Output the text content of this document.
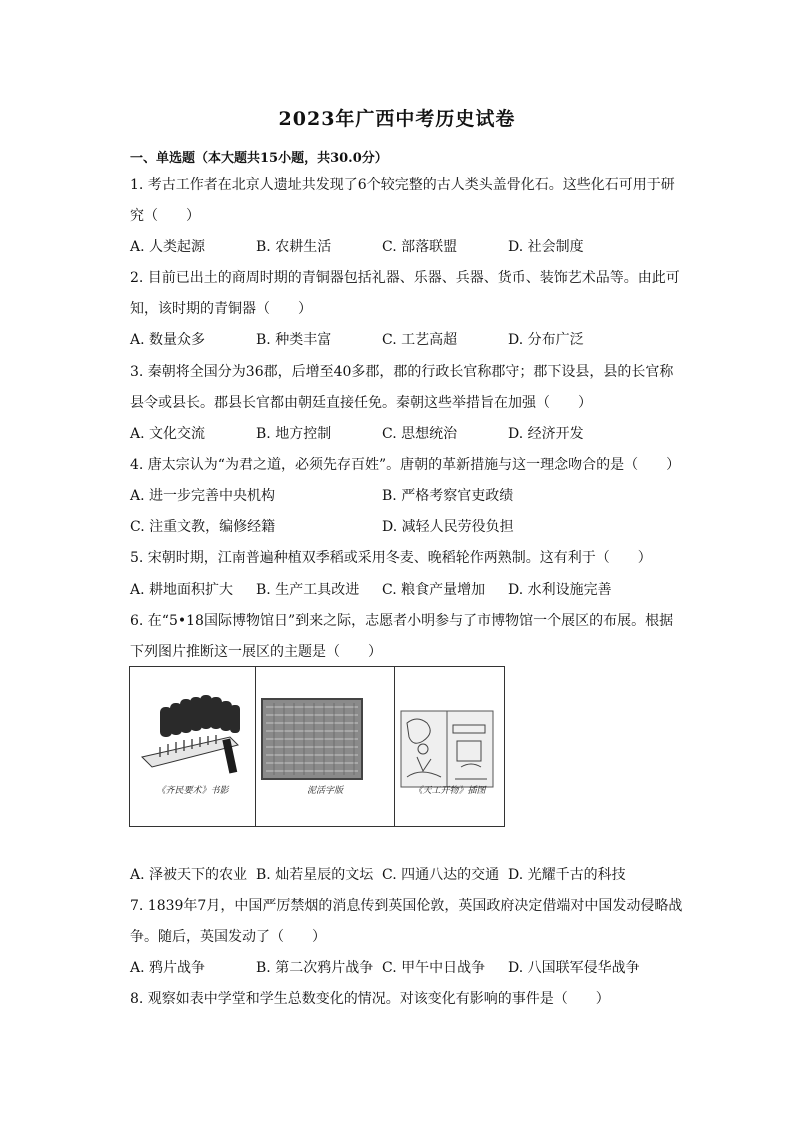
2023年广西中考历史试卷
一、单选题（本大题共15小题，共30.0分）
1. 考古工作者在北京人遗址共发现了6个较完整的古人类头盖骨化石。这些化石可用于研
究（　　）
A. 人类起源	B. 农耕生活	C. 部落联盟	D. 社会制度
2. 目前已出土的商周时期的青铜器包括礼器、乐器、兵器、货币、装饰艺术品等。由此可
知，该时期的青铜器（　　）
A. 数量众多	B. 种类丰富	C. 工艺高超	D. 分布广泛
3. 秦朝将全国分为36郡，后增至40多郡，郡的行政长官称郡守；郡下设县，县的长官称
县令或县长。郡县长官都由朝廷直接任免。秦朝这些举措旨在加强（　　）
A. 文化交流	B. 地方控制	C. 思想统治	D. 经济开发
4. 唐太宗认为“为君之道，必须先存百姓”。唐朝的革新措施与这一理念吻合的是（　　）
A. 进一步完善中央机构	B. 严格考察官吏政绩
C. 注重文教，编修经籍	D. 减轻人民劳役负担
5. 宋朝时期，江南普遍种植双季稻或采用冬麦、晚稻轮作两熟制。这有利于（　　）
A. 耕地面积扩大 B. 生产工具改进 C. 粮食产量增加 D. 水利设施完善
6. 在“5•18国际博物馆日”到来之际，志愿者小明参与了市博物馆一个展区的布展。根据
下列图片推断这一展区的主题是（　　）
《齐民要术》书影	泥活字版	《天工开物》插图
A. 泽被天下的农业 B. 灿若星辰的文坛 C. 四通八达的交通 D. 光耀千古的科技
7. 1839年7月，中国严厉禁烟的消息传到英国伦敦，英国政府决定借端对中国发动侵略战
争。随后，英国发动了（　　）
A. 鸦片战争	B. 第二次鸦片战争 C. 甲午中日战争 D. 八国联军侵华战争
8. 观察如表中学堂和学生总数变化的情况。对该变化有影响的事件是（　　）
